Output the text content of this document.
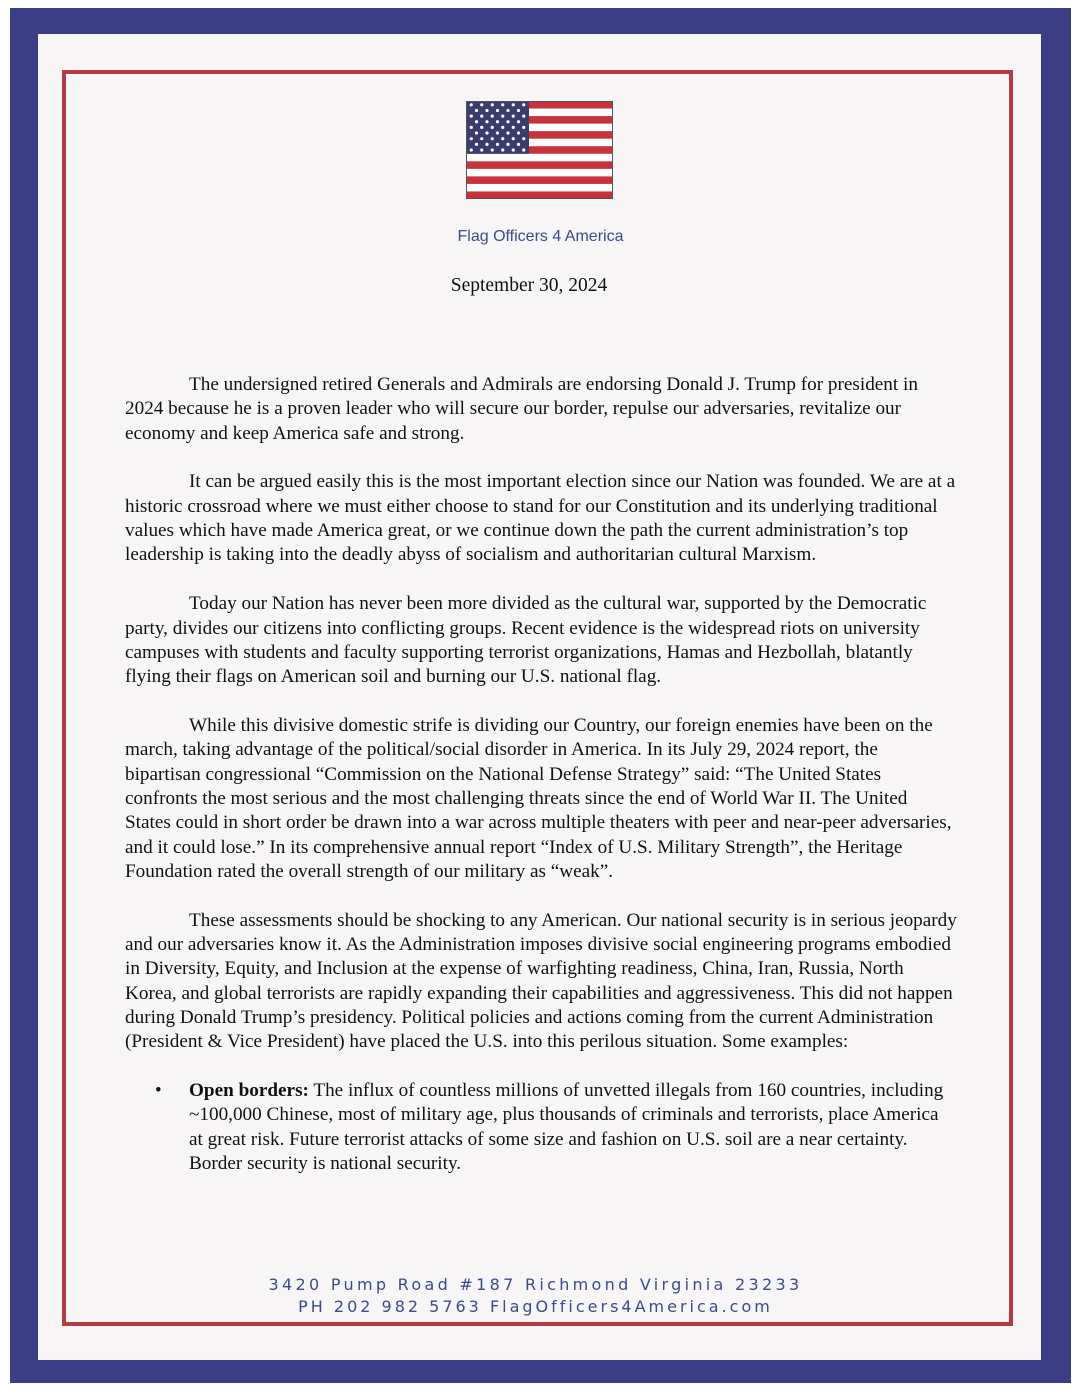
Flag Officers 4 America
September 30, 2024

The undersigned retired Generals and Admirals are endorsing Donald J. Trump for president in 2024 because he is a proven leader who will secure our border, repulse our adversaries, revitalize our economy and keep America safe and strong.

It can be argued easily this is the most important election since our Nation was founded. We are at a historic crossroad where we must either choose to stand for our Constitution and its underlying traditional values which have made America great, or we continue down the path the current administration’s top leadership is taking into the deadly abyss of socialism and authoritarian cultural Marxism.

Today our Nation has never been more divided as the cultural war, supported by the Democratic party, divides our citizens into conflicting groups. Recent evidence is the widespread riots on university campuses with students and faculty supporting terrorist organizations, Hamas and Hezbollah, blatantly flying their flags on American soil and burning our U.S. national flag.

While this divisive domestic strife is dividing our Country, our foreign enemies have been on the march, taking advantage of the political/social disorder in America. In its July 29, 2024 report, the bipartisan congressional “Commission on the National Defense Strategy” said: “The United States confronts the most serious and the most challenging threats since the end of World War II. The United States could in short order be drawn into a war across multiple theaters with peer and near-peer adversaries, and it could lose.” In its comprehensive annual report “Index of U.S. Military Strength”, the Heritage Foundation rated the overall strength of our military as “weak”.

These assessments should be shocking to any American. Our national security is in serious jeopardy and our adversaries know it. As the Administration imposes divisive social engineering programs embodied in Diversity, Equity, and Inclusion at the expense of warfighting readiness, China, Iran, Russia, North Korea, and global terrorists are rapidly expanding their capabilities and aggressiveness. This did not happen during Donald Trump’s presidency. Political policies and actions coming from the current Administration (President & Vice President) have placed the U.S. into this perilous situation. Some examples:

• Open borders: The influx of countless millions of unvetted illegals from 160 countries, including ~100,000 Chinese, most of military age, plus thousands of criminals and terrorists, place America at great risk. Future terrorist attacks of some size and fashion on U.S. soil are a near certainty. Border security is national security.
3420 Pump Road #187 Richmond Virginia 23233
PH 202 982 5763 FlagOfficers4America.com
